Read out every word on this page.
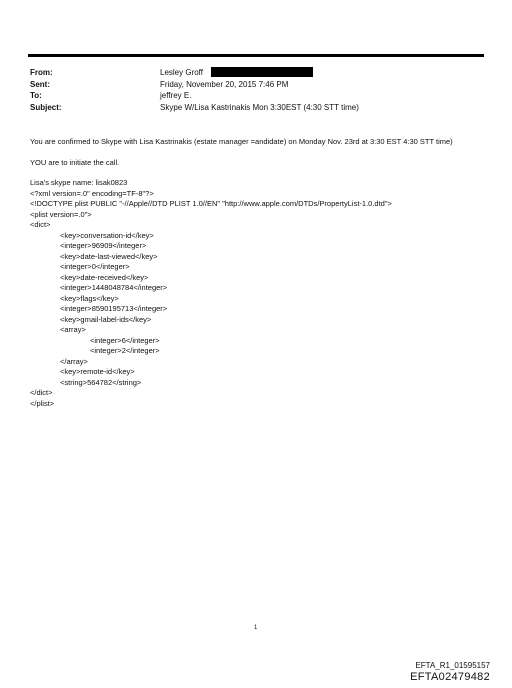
From:	Lesley Groff
Sent:	Friday, November 20, 2015 7:46 PM
To:	jeffrey E.
Subject:	Skype W/Lisa Kastrinakis Mon 3:30EST (4:30 STT time)

You are confirmed to Skype with Lisa Kastrinakis (estate manager =andidate) on Monday Nov. 23rd at 3:30 EST 4:30 STT time)

YOU are to initiate the call.

Lisa's skype name: lisak0823

<?xml version=.0" encoding=TF-8"?>
<!DOCTYPE plist PUBLIC "-//Apple//DTD PLIST 1.0//EN" "http://www.apple.com/DTDs/PropertyList-1.0.dtd">
<plist version=.0">
<dict>
<key>conversation-id</key>
<integer>96909</integer>
<key>date-last-viewed</key>
<integer>0</integer>
<key>date-received</key>
<integer>1448048784</integer>
<key>flags</key>
<integer>8590195713</integer>
<key>gmail-label-ids</key>
<array>
<integer>6</integer>
<integer>2</integer>
</array>
<key>remote-id</key>
<string>564782</string>
</dict>
</plist>
1
EFTA_R1_01595157
EFTA02479482
